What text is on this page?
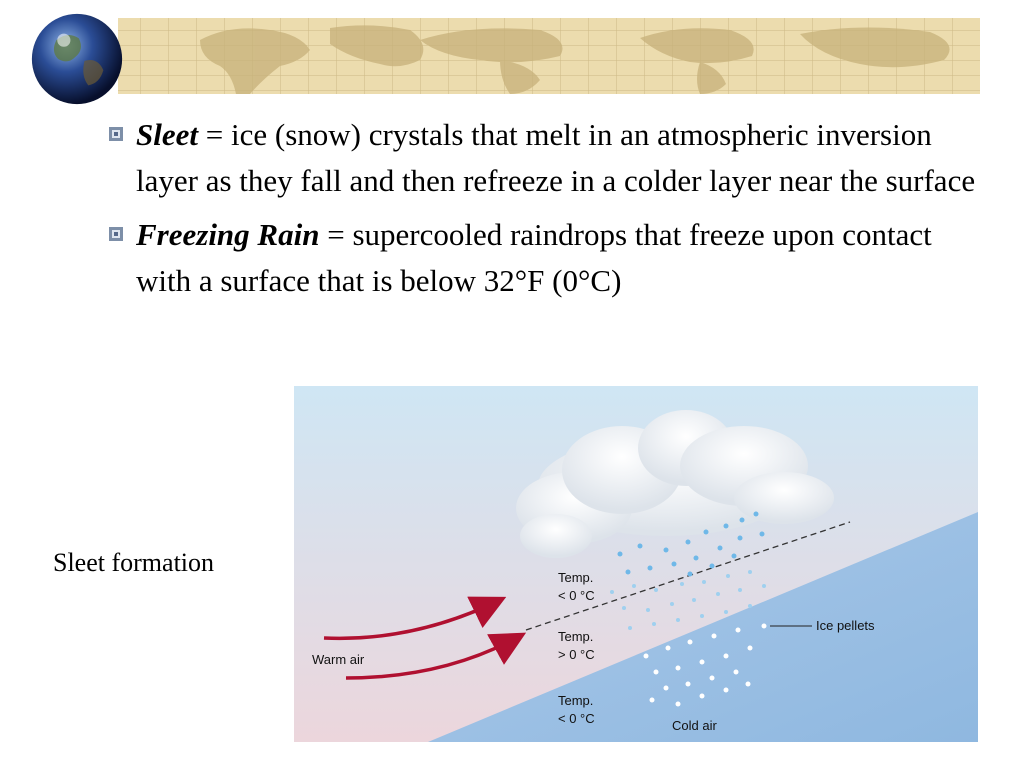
Sleet = ice (snow) crystals that melt in an atmospheric inversion layer as they fall and then refreeze in a colder layer near the surface
Freezing Rain = supercooled raindrops that freeze upon contact with a surface that is below 32°F (0°C)
Sleet formation
Temp.
< 0 °C
Temp.
> 0 °C
Temp.
< 0 °C
Warm air
Cold air
Ice pellets
